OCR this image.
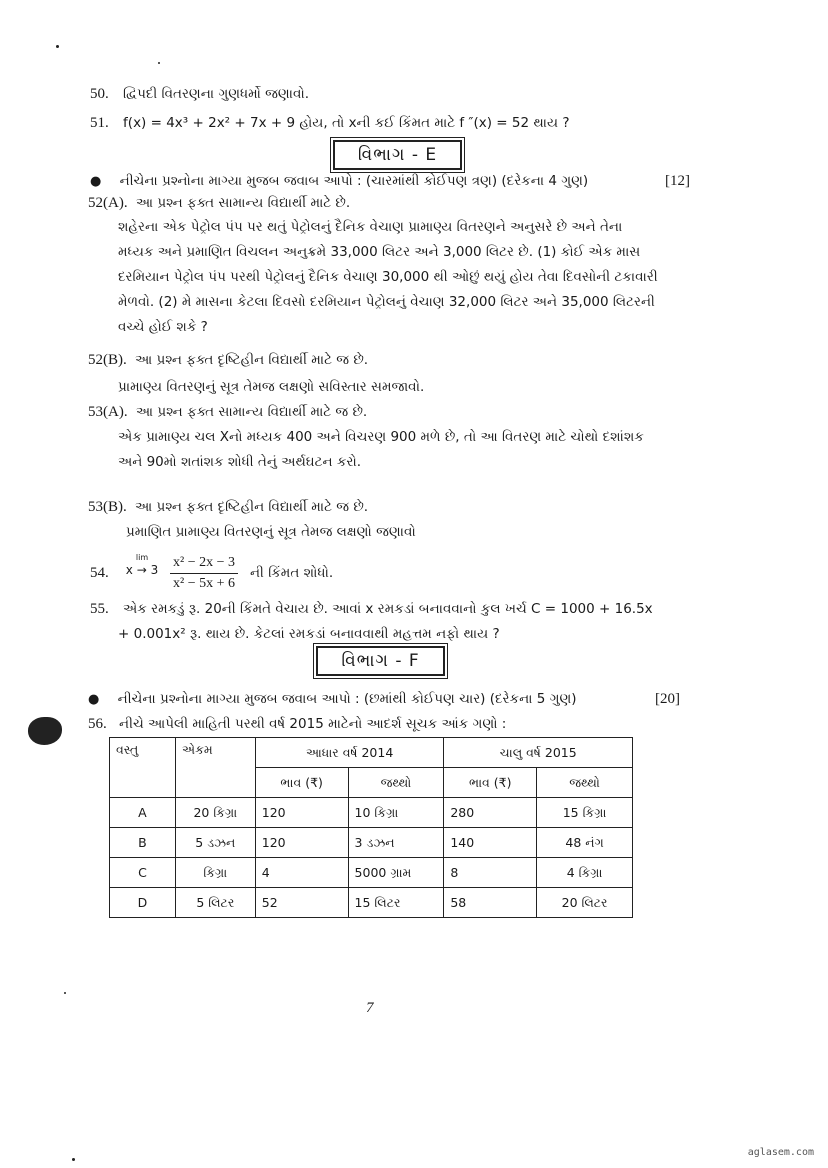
50. દ્વિપદી વિતરણના ગુણધર્મો જણાવો.
51. f(x) = 4x³ + 2x² + 7x + 9 હોય, તો xની કઈ કિંમત માટે f ″(x) = 52 થાય ?
વિભાગ - E
● નીચેના પ્રશ્નોના માગ્યા મુજબ જવાબ આપો : (ચારમાંથી કોઈપણ ત્રણ) (દરેકના 4 ગુણ)	[12]
52(A). આ પ્રશ્ન ફક્ત સામાન્ય વિદ્યાર્થી માટે છે.
શહેરના એક પેટ્રોલ પંપ પર થતું પેટ્રોલનું દૈનિક વેચાણ પ્રામાણ્ય વિતરણને અનુસરે છે અને તેના
મધ્યક અને પ્રમાણિત વિચલન અનુક્રમે 33,000 લિટર અને 3,000 લિટર છે. (1) કોઈ એક માસ
દરમિયાન પેટ્રોલ પંપ પરથી પેટ્રોલનું દૈનિક વેચાણ 30,000 થી ઓછું થયું હોય તેવા દિવસોની ટકાવારી
મેળવો. (2) મે માસના કેટલા દિવસો દરમિયાન પેટ્રોલનું વેચાણ 32,000 લિટર અને 35,000 લિટરની
વચ્ચે હોઈ શકે ?
52(B). આ પ્રશ્ન ફક્ત દૃષ્ટિહીન વિદ્યાર્થી માટે જ છે.
પ્રામાણ્ય વિતરણનું સૂત્ર તેમજ લક્ષણો સવિસ્તાર સમજાવો.
53(A). આ પ્રશ્ન ફક્ત સામાન્ય વિદ્યાર્થી માટે જ છે.
એક પ્રામાણ્ય ચલ Xનો મધ્યક 400 અને વિચરણ 900 મળે છે, તો આ વિતરણ માટે ચોથો દશાંશક
અને 90મો શતાંશક શોધી તેનું અર્થઘટન કરો.
53(B). આ પ્રશ્ન ફક્ત દૃષ્ટિહીન વિદ્યાર્થી માટે જ છે.
પ્રમાણિત પ્રામાણ્ય વિતરણનું સૂત્ર તેમજ લક્ષણો જણાવો
54.
lim
$x \to 3 \frac{\text{x² − 2x − 3}}{\text{x² − 5x + 6}}$ ની કિંમત શોધો.
55. એક રમકડું રૂ. 20ની કિંમતે વેચાય છે. આવાં x રમકડાં બનાવવાનો કુલ ખર્ચ C = 1000 + 16.5x
+ 0.001x² રૂ. થાય છે. કેટલાં રમકડાં બનાવવાથી મહત્તમ નફો થાય ?
વિભાગ - F
● નીચેના પ્રશ્નોના માગ્યા મુજબ જવાબ આપો : (છમાંથી કોઈપણ ચાર) (દરેકના 5 ગુણ)	[20]
56. નીચે આપેલી માહિતી પરથી વર્ષ 2015 માટેનો આદર્શ સૂચક આંક ગણો :
વસ્તુ	એકમ	આધાર વર્ષ 2014		ચાલુ વર્ષ 2015	
		ભાવ (₹)	જથ્થો	ભાવ (₹)	જથ્થો
A	20 કિગ્રા	120	10 કિગ્રા	280	15 કિગ્રા
B	5 ડઝન	120	3 ડઝન	140	48 નંગ
C	કિગ્રા	4	5000 ગ્રામ	8	4 કિગ્રા
D	5 લિટર	52	15 લિટર	58	20 લિટર
7
aglasem.com
